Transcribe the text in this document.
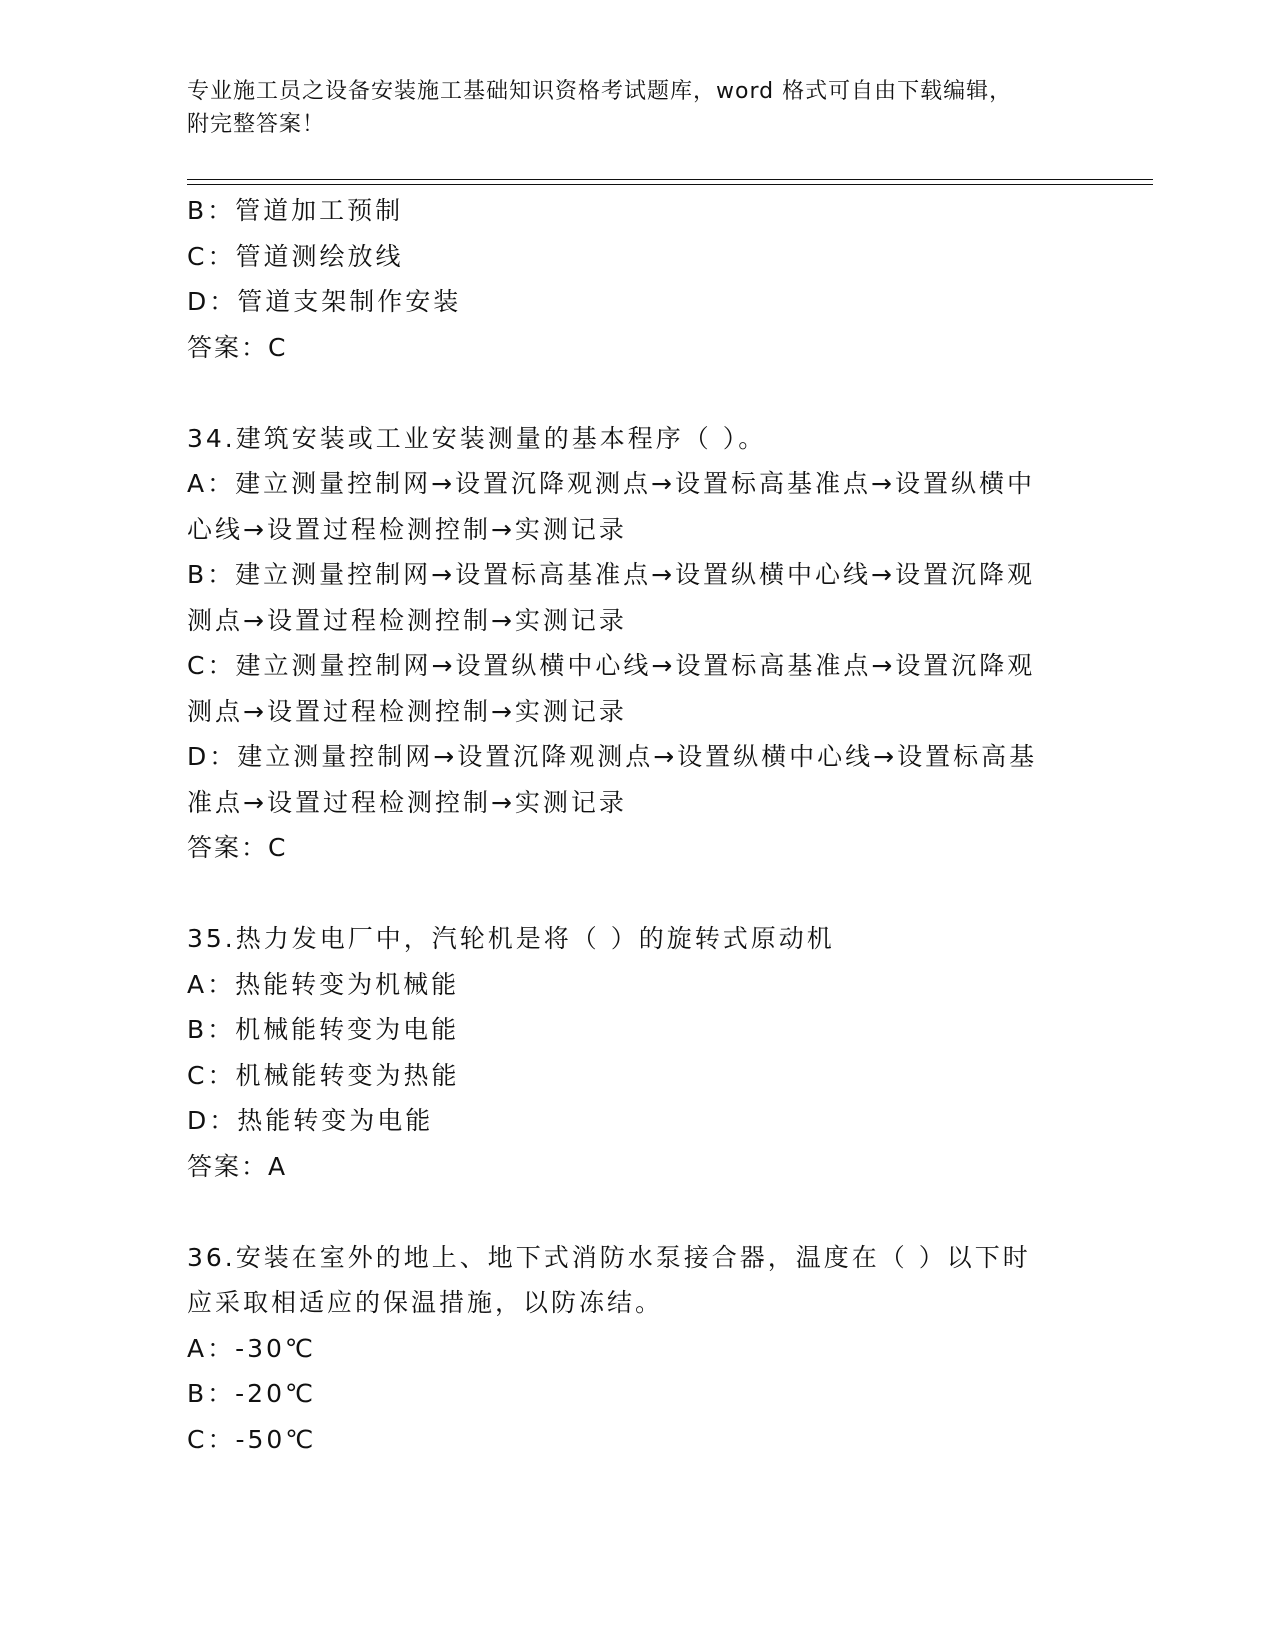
专业施工员之设备安装施工基础知识资格考试题库，word 格式可自由下载编辑，
附完整答案！
B：管道加工预制
C：管道测绘放线
D：管道支架制作安装
答案：C
34.建筑安装或工业安装测量的基本程序（ ）。
A：建立测量控制网→设置沉降观测点→设置标高基准点→设置纵横中
心线→设置过程检测控制→实测记录
B：建立测量控制网→设置标高基准点→设置纵横中心线→设置沉降观
测点→设置过程检测控制→实测记录
C：建立测量控制网→设置纵横中心线→设置标高基准点→设置沉降观
测点→设置过程检测控制→实测记录
D：建立测量控制网→设置沉降观测点→设置纵横中心线→设置标高基
准点→设置过程检测控制→实测记录
答案：C
35.热力发电厂中，汽轮机是将（ ）的旋转式原动机
A：热能转变为机械能
B：机械能转变为电能
C：机械能转变为热能
D：热能转变为电能
答案：A
36.安装在室外的地上、地下式消防水泵接合器，温度在（ ）以下时
应采取相适应的保温措施，以防冻结。
A：-30℃
B：-20℃
C：-50℃
